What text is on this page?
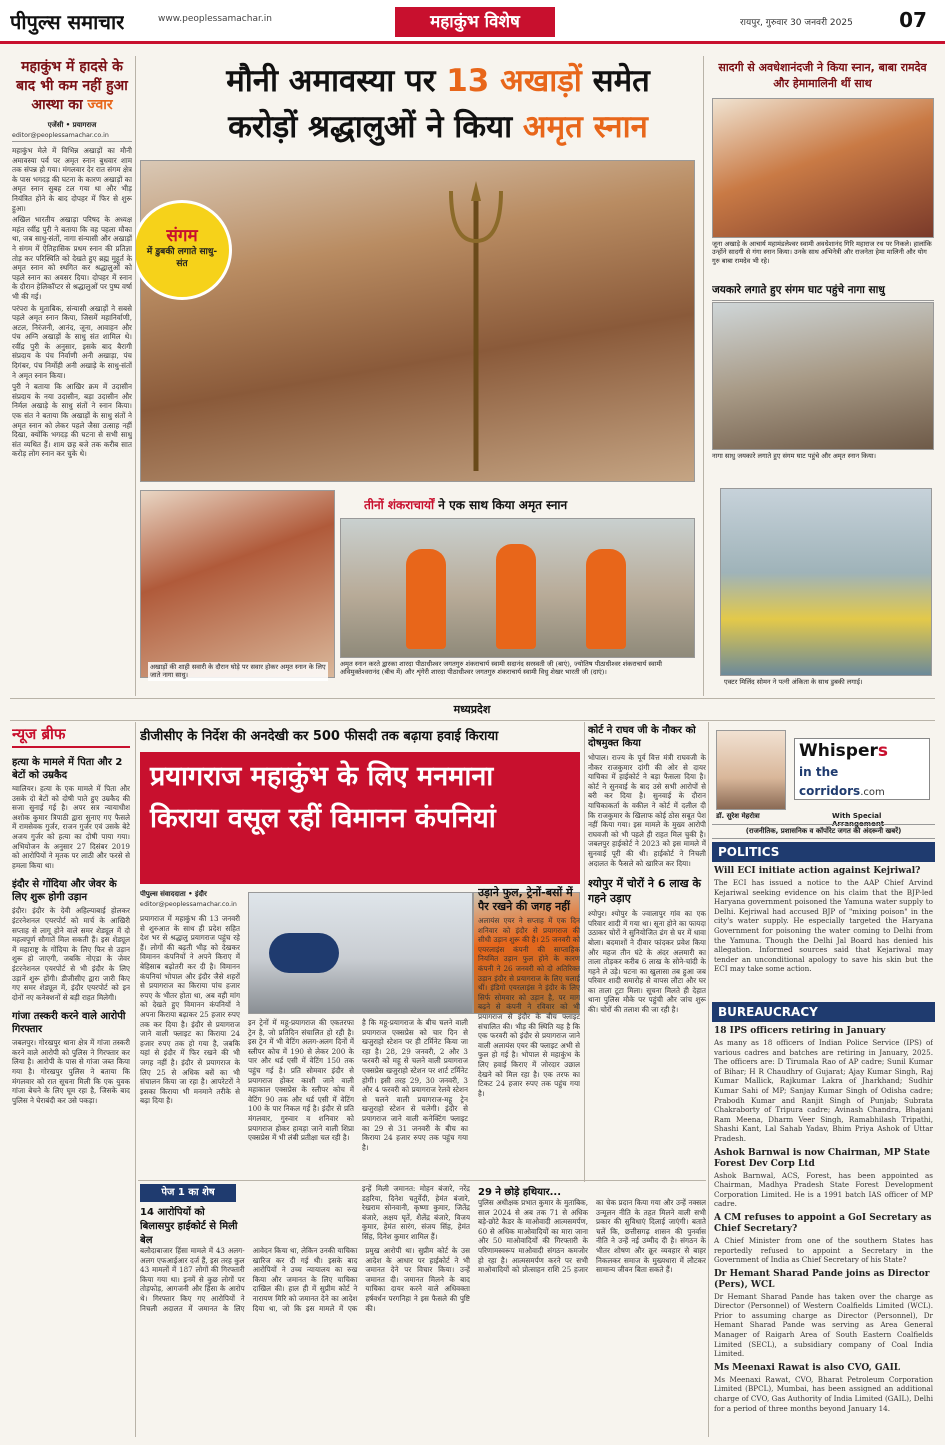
पीपुल्स समाचार	www.peoplessamachar.in	महाकुंभ विशेष	रायपुर, गुरुवार 30 जनवरी 2025	07
महाकुंभ में हादसे के बाद भी कम नहीं हुआ आस्था का ज्वार
एजेंसी • प्रयागराज
editor@peoplessamachar.co.in

महाकुंभ मेले में विभिन्न अखाड़ों का मौनी अमावस्या पर्व पर अमृत स्नान बुधवार शाम तक संपन्न हो गया। मंगलवार देर रात संगम क्षेत्र के पास भगदड़ की घटना के कारण अखाड़ों का अमृत स्नान सुबह टल गया था और भीड़ नियंत्रित होने के बाद दोपहर में फिर से शुरू हुआ।

अखिल भारतीय अखाड़ा परिषद के अध्यक्ष महंत रवींद्र पुरी ने बताया कि वह पहला मौका था, जब साधु-संतों, नागा संन्यासी और अखाड़ों ने संगम में ऐतिहासिक प्रथम स्नान की प्रतिज्ञा तोड़ कर परिस्थिति को देखते हुए ब्रह्म मुहूर्त के अमृत स्नान को स्थगित कर श्रद्धालुओं को पहले स्नान का अवसर दिया। दोपहर में स्नान के दौरान हेलिकॉप्टर से श्रद्धालुओं पर पुष्प वर्षा भी की गई।

परंपरा के मुताबिक, संन्यासी अखाड़ों ने सबसे पहले अमृत स्नान किया, जिसमें महानिर्वाणी, अटल, निरंजनी, आनंद, जूना, आवाहन और पंच अग्नि अखाड़ों के साधु संत शामिल थे। रवींद्र पुरी के अनुसार, इसके बाद बैरागी संप्रदाय के पंच निर्वाणी अनी अखाड़ा, पंच दिगंबर, पंच निर्मोही अनी अखाड़े के साधु-संतों ने अमृत स्नान किया।

पुरी ने बताया कि आखिर क्रम में उदासीन संप्रदाय के नया उदासीन, बड़ा उदासीन और निर्मल अखाड़े के साधु संतों ने स्नान किया। एक संत ने बताया कि अखाड़ों के साधु संतों ने अमृत स्नान को लेकर पहले जैसा उत्साह नहीं दिखा, क्योंकि भगदड़ की घटना से सभी साधु संत व्यथित हैं। शाम छह बजे तक करीब सात करोड़ लोग स्नान कर चुके थे।

मौनी अमावस्या पर 13 अखाड़ों समेत
करोड़ों श्रद्धालुओं ने किया अमृत स्नान
संगम
में डुबकी लगाते साधु-संत
अखाड़ों की शाही सवारी के दौरान घोड़े पर सवार होकर अमृत स्नान के लिए जाते नागा साधु।
तीनों शंकराचार्यों ने एक साथ किया अमृत स्नान
अमृत स्नान करते द्वारका शारदा पीठाधीश्वर जगतगुरु शंकराचार्य स्वामी सदानंद सरस्वती जी (बाएं), ज्योतिष पीठाधीश्वर शंकराचार्य स्वामी अविमुक्तेश्वरानंद (बीच में) और शृंगेरी शारदा पीठाधीश्वर जगतगुरु शंकराचार्य स्वामी विधु शेखर भारती जी (दाएं)।
सादगी से अवधेशानंदजी ने किया स्नान, बाबा रामदेव और हेमामालिनी थीं साथ
जूना अखाड़े के आचार्य महामंडलेश्वर स्वामी अवधेशानंद गिरि महाराज रथ पर निकले। हालांकि उन्होंने सादगी से गंगा स्नान किया। उनके साथ अभिनेत्री और राजनेता हेमा मालिनी और योग गुरु बाबा रामदेव भी रहे।
जयकारे लगाते हुए संगम घाट पहुंचे नागा साधु
नागा साधु जयकारे लगाते हुए संगम घाट पहुंचे और अमृत स्नान किया।
एक्टर मिलिंद सोमन ने पत्नी अंकिता के साथ डुबकी लगाई।
मध्यप्रदेश
न्यूज ब्रीफ
हत्या के मामले में पिता और 2 बेटों को उम्रकैद
ग्वालियर। हत्या के एक मामले में पिता और उसके दो बेटों को दोषी पाते हुए उम्रकैद की सजा सुनाई गई है। अपर सत्र न्यायाधीश अशोक कुमार त्रिपाठी द्वारा सुनाए गए फैसले में रामसेवक गुर्जर, राजन गुर्जर एवं उसके बेटे अजय गुर्जर को हत्या का दोषी पाया गया। अभियोजन के अनुसार 27 दिसंबर 2019 को आरोपियों ने मृतक पर लाठी और फरसे से हमला किया था।
इंदौर से गोंदिया और जेवर के लिए शुरू होगी उड़ान
इंदौर। इंदौर के देवी अहिल्याबाई होलकर इंटरनेशनल एयरपोर्ट को मार्च के आखिरी सप्ताह से लागू होने वाले समर शेड्यूल में दो महत्वपूर्ण सौगातें मिल सकती हैं। इस शेड्यूल में महाराष्ट्र के गोंदिया के लिए फिर से उड़ान शुरू हो जाएगी, जबकि नोएडा के जेवर इंटरनेशनल एयरपोर्ट से भी इंदौर के लिए उड़ानें शुरू होंगी। डीजीसीए द्वारा जारी किए गए समर शेड्यूल में, इंदौर एयरपोर्ट को इन दोनों नए कनेक्शनों से बड़ी राहत मिलेगी।
गांजा तस्करी करने वाले आरोपी गिरफ्तार
जबलपुर। गोरखपुर थाना क्षेत्र में गांजा तस्करी करने वाले आरोपी को पुलिस ने गिरफ्तार कर लिया है। आरोपी के पास से गांजा जब्त किया गया है। गोरखपुर पुलिस ने बताया कि मंगलवार को रात सूचना मिली कि एक युवक गांजा बेचने के लिए घूम रहा है, जिसके बाद पुलिस ने घेराबंदी कर उसे पकड़ा।
डीजीसीए के निर्देश की अनदेखी कर 500 फीसदी तक बढ़ाया हवाई किराया
प्रयागराज महाकुंभ के लिए मनमाना किराया वसूल रहीं विमानन कंपनियां
पीपुल्स संवाददाता • इंदौर
editor@peoplessamachar.co.in
प्रयागराज में महाकुंभ की 13 जनवरी से शुरुआत के साथ ही प्रदेश सहित देश भर से श्रद्धालु प्रयागराज पहुंच रहे हैं। लोगों की बढ़ती भीड़ को देखकर विमानन कंपनियों ने अपने किराए में बेहिसाब बढ़ोतरी कर दी है। विमानन कंपनियां भोपाल और इंदौर जैसे शहरों से प्रयागराज का किराया पांच हजार रुपए के भीतर होता था, अब वही मांग को देखते हुए विमानन कंपनियों ने अपना किराया बढ़ाकर 25 हजार रुपए तक कर दिया है। इंदौर से प्रयागराज जाने वाली फ्लाइट का किराया 24 हजार रुपए तक हो गया है, जबकि यहां से इंदौर में फिर रखने की भी जगह नहीं है। इंदौर से प्रयागराज के लिए 25 से अधिक बसें का भी संचालन किया जा रहा है। आपरेटरों ने इसका किराया भी मनमाने तरीके से बढ़ा दिया है।
इन ट्रेनों में महू-प्रयागराज की एकतरफा ट्रेन है, जो प्रतिदिन संचालित हो रही है। इस ट्रेन में भी वेटिंग अलग-अलग दिनों में स्लीपर कोच में 190 से लेकर 200 के पार और थर्ड एसी में वेटिंग 150 तक पहुंच गई है। प्रति सोमवार इंदौर से प्रयागराज होकर काशी जाने वाली महाकाल एक्सप्रेस के स्लीपर कोच में वेटिंग 90 तक और थर्ड एसी में वेटिंग 100 के पार निकल गई है। इंदौर से प्रति मंगलवार, गुरुवार व शनिवार को प्रयागराज होकर हावड़ा जाने वाली शिप्रा एक्सप्रेस में भी लंबी प्रतीक्षा चल रही है।
है कि महू-प्रयागराज के बीच चलने वाली प्रयागराज एक्सप्रेस को चार दिन से खजुराहो स्टेशन पर ही टर्मिनेट किया जा रहा है। 28, 29 जनवरी, 2 और 3 फरवरी को महू से चलने वाली प्रयागराज एक्सप्रेस खजुराहो स्टेशन पर शार्ट टर्मिनेट होगी। इसी तरह 29, 30 जनवरी, 3 और 4 फरवरी को प्रयागराज रेलवे स्टेशन से चलने वाली प्रयागराज-महू ट्रेन खजुराहो स्टेशन से चलेगी। इंदौर से प्रयागराज जाने वाली कनेक्टिंग फ्लाइट का 29 से 31 जनवरी के बीच का किराया 24 हजार रुपए तक पहुंच गया है।
उड़ाने फुल, ट्रेनों-बसों में पैर रखने की जगह नहीं
अलायंस एयर ने सप्ताह में एक दिन शनिवार को इंदौर से प्रयागराज की सीधी उड़ान शुरू की है। 25 जनवरी को एयरलाइंस कंपनी की साप्ताहिक नियमित उड़ान फुल होने के कारण कंपनी ने 26 जनवरी को दो अतिरिक्त उड़ान इंदौर से प्रयागराज के लिए चलाई थीं। इंडिगो एयरलाइंस ने इंदौर के लिए सिर्फ सोमवार को उड़ान है, पर माग बढ़ने से कंपनी ने रविवार को भी प्रयागराज से इंदौर के बीच फ्लाइट संचालित की। भीड़ की स्थिति यह है कि एक फरवरी को इंदौर से प्रयागराज जाने वाली अलायंस एयर की फ्लाइट अभी से फुल हो गई है। भोपाल से महाकुंभ के लिए हवाई किराए में जोरदार उछाल देखने को मिल रहा है। एक तरफ का टिकट 24 हजार रुपए तक पहुंच गया है।
कोर्ट ने राघव जी के नौकर को दोषमुक्त किया
भोपाल। राज्य के पूर्व वित्त मंत्री राघवजी के नौकर राजकुमार दांगी की ओर से दायर याचिका में हाईकोर्ट ने बड़ा फैसला दिया है। कोर्ट ने सुनवाई के बाद उसे सभी आरोपों से बरी कर दिया है। सुनवाई के दौरान याचिकाकर्ता के वकील ने कोर्ट में दलील दी कि राजकुमार के खिलाफ कोई ठोस सबूत पेश नहीं किया गया। इस मामले के मुख्य आरोपी राघवजी को भी पहले ही राहत मिल चुकी है। जबलपुर हाईकोर्ट ने 2023 को इस मामले में सुनवाई पूरी की थी। हाईकोर्ट ने निचली अदालत के फैसले को खारिज कर दिया।
श्योपुर में चोरों ने 6 लाख के गहने उड़ाए
श्योपुर। श्योपुर के ज्वालापुर गांव का एक परिवार शादी में गया था। सूना होने का फायदा उठाकर चोरों ने सुनियोजित ढंग से घर में धावा बोला। बदमाशों ने दीवार फांदकर प्रवेश किया और महज तीन घंटे के अंदर अलमारी का ताला तोड़कर करीब 6 लाख के सोने-चांदी के गहने ले उड़े। घटना का खुलासा तब हुआ जब परिवार शादी समारोह से वापस लौटा और घर का ताला टूटा मिला। सूचना मिलते ही देहात थाना पुलिस मौके पर पहुंची और जांच शुरू की। चोरों की तलाश की जा रही है।
पेज 1 का शेष
14 आरोपियों को बिलासपुर हाईकोर्ट से मिली बेल
बलौदाबाजार हिंसा मामले में 43 अलग-अलग एफआईआर दर्ज हैं, इस तरह कुल 43 मामलों में 187 लोगों की गिरफ्तारी किया गया था। इनमें से कुछ लोगों पर तोड़फोड़, आगजनी और हिंसा के आरोप थे। गिरफ्तार किए गए आरोपियों ने निचली अदालत में जमानत के लिए आवेदन किया था, लेकिन उनकी याचिका खारिज कर दी गई थी। इसके बाद आरोपियों ने उच्च न्यायालय का रुख किया और जमानत के लिए याचिका दाखिल की। हाल ही में सुप्रीम कोर्ट ने नारायण मिरि को जमानत देने का आदेश दिया था, जो कि इस मामले में एक प्रमुख आरोपी था। सुप्रीम कोर्ट के उस आदेश के आधार पर हाईकोर्ट ने भी जमानत देने पर विचार किया। उन्हें जमानत दी। जमानत मिलने के बाद याचिका दायर करने वाले अधिवक्ता हर्षवर्धन परगनिहा ने इस फैसले की पुष्टि की।
इन्हें मिली जमानत: मोहन बंजारे, नरेंद्र डहरिया, दिनेश चतुर्वेदी, हेमंत बंजारे, रेखराम सोनवानी, कृष्णा कुमार, जितेंद्र बंजारे, अक्षय घृतें, शैलेंद्र बंजारे, विजय कुमार, हेमंत सारंग, संजय सिंह, हेमंत सिंह, दिनेश कुमार शामिल हैं।
29 ने छोड़े हथियार...
पुलिस अधीक्षक प्रभात कुमार के मुताबिक, साल 2024 से अब तक 71 से अधिक बड़े-छोटे कैडर के माओवादी आत्मसमर्पण, 60 से अधिक माओवादियों का मारा जाना और 50 माओवादियों की गिरफ्तारी के परिणामस्वरूप माओवादी संगठन कमजोर हो रहा है। आत्मसमर्पण करने पर सभी माओवादियों को प्रोत्साहन राशि 25 हजार का चेक प्रदान किया गया और उन्हें नक्सल उन्मूलन नीति के तहत मिलने वाली सभी प्रकार की सुविधाएं दिलाई जाएंगी। बताते चलें कि, छत्तीसगढ़ शासन की पुनर्वास नीति ने उन्हें नई उम्मीद दी है। संगठन के भीतर शोषण और क्रूर व्यवहार से बाहर निकलकर समाज के मुख्यधारा में लौटकर सामान्य जीवन बिता सकते हैं।
Whispers
in the corridors.com
डॉ. सुरेश मेहरोत्रा	With Special Arrangement
(राजनीतिक, प्रशासनिक व कॉर्पोरेट जगत की अंदरूनी खबरें)
POLITICS
Will ECI initiate action against Kejriwal?
The ECI has issued a notice to the AAP Chief Arvind Kejariwal seeking evidence on his claim that the BJP-led Haryana government poisoned the Yamuna water supply to Delhi. Kejriwal had accused BJP of "mixing poison" in the city's water supply. He especially targeted the Haryana Government for poisoning the water coming to Delhi from the Yamuna. Though the Delhi Jal Board has denied his allegation. Informed sources said that Kejariwal may tender an unconditional apology to save his skin but the ECI may take some action.
BUREAUCRACY
18 IPS officers retiring in January
As many as 18 officers of Indian Police Service (IPS) of various cadres and batches are retiring in January, 2025. The officers are: D Tirumala Rao of AP cadre; Sunil Kumar of Bihar; H R Chaudhry of Gujarat; Ajay Kumar Singh, Raj Kumar Mallick, Rajkumar Lakra of Jharkhand; Sudhir Kumar Sahi of MP; Sanjay Kumar Singh of Odisha cadre; Prabodh Kumar and Ranjit Singh of Punjab; Subrata Chakraborty of Tripura cadre; Avinash Chandra, Bhajani Ram Meena, Dharm Veer Singh, Ramabhilash Tripathi, Shashi Kant, Lal Sahab Yadav, Bhim Priya Ashok of Uttar Pradesh.
Ashok Barnwal is now Chairman, MP State Forest Dev Corp Ltd
Ashok Barnwal, ACS, Forest, has been appointed as Chairman, Madhya Pradesh State Forest Development Corporation Limited. He is a 1991 batch IAS officer of MP cadre.
A CM refuses to appoint a GoI Secretary as Chief Secretary?
A Chief Minister from one of the southern States has reportedly refused to appoint a Secretary in the Government of India as Chief Secretary of his State?
Dr Hemant Sharad Pande joins as Director (Pers), WCL
Dr Hemant Sharad Pande has taken over the charge as Director (Personnel) of Western Coalfields Limited (WCL). Prior to assuming charge as Director (Personnel), Dr Hemant Sharad Pande was serving as Area General Manager of Raigarh Area of South Eastern Coalfields Limited (SECL), a subsidiary company of Coal India Limited.
Ms Meenaxi Rawat is also CVO, GAIL
Ms Meenaxi Rawat, CVO, Bharat Petroleum Corporation Limited (BPCL), Mumbai, has been assigned an additional charge of CVO, Gas Authority of India Limited (GAIL), Delhi for a period of three months beyond January 14.
